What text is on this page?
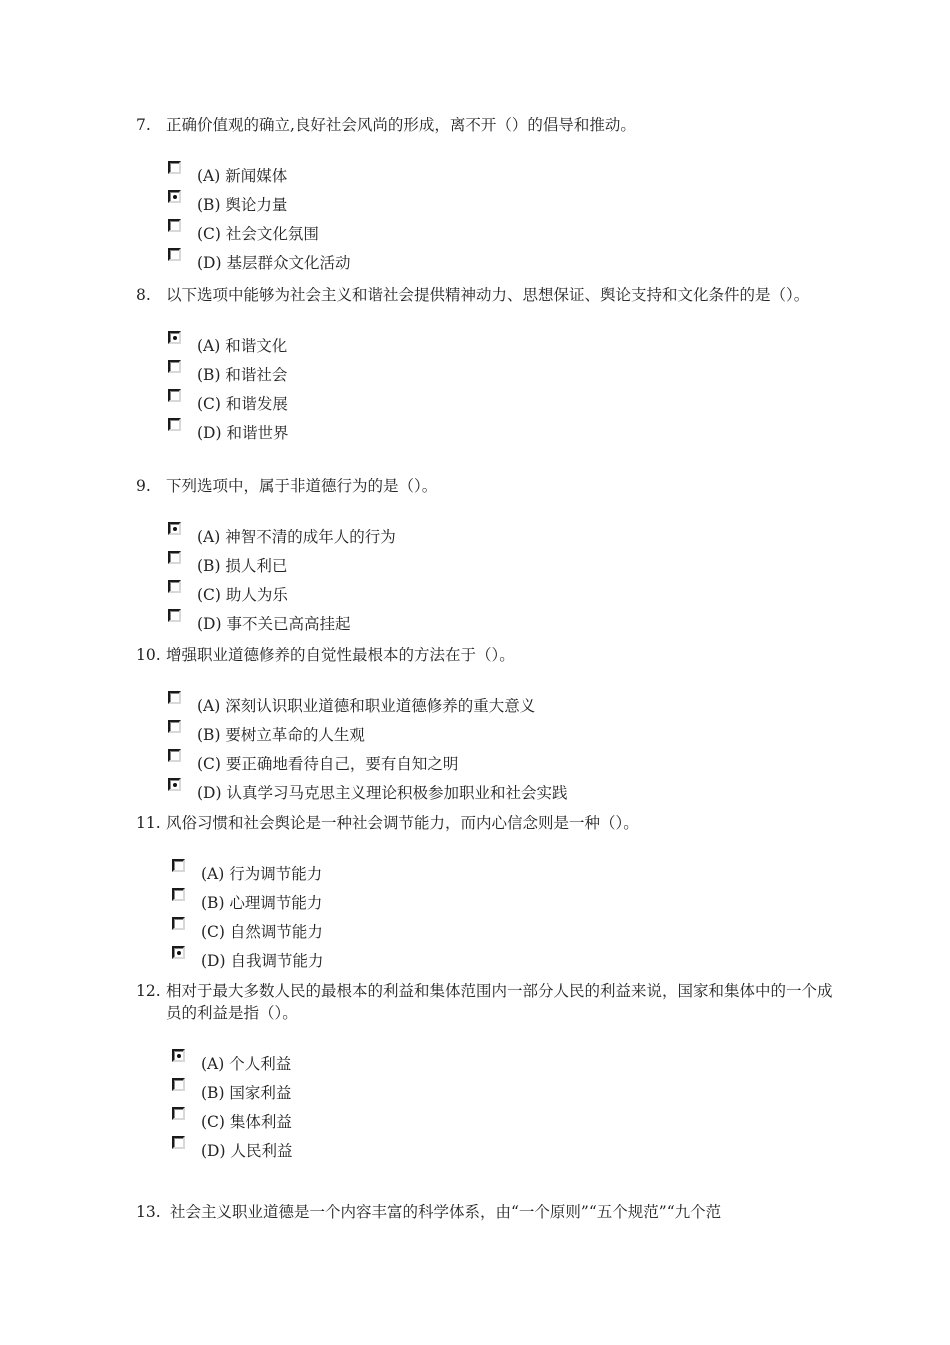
7. 正确价值观的确立,良好社会风尚的形成，离不开（）的倡导和推动。
(A) 新闻媒体
(B) 舆论力量
(C) 社会文化氛围
(D) 基层群众文化活动
8. 以下选项中能够为社会主义和谐社会提供精神动力、思想保证、舆论支持和文化条件的是（）。
(A) 和谐文化
(B) 和谐社会
(C) 和谐发展
(D) 和谐世界
9. 下列选项中，属于非道德行为的是（）。
(A) 神智不清的成年人的行为
(B) 损人利已
(C) 助人为乐
(D) 事不关已高高挂起
10. 增强职业道德修养的自觉性最根本的方法在于（）。
(A) 深刻认识职业道德和职业道德修养的重大意义
(B) 要树立革命的人生观
(C) 要正确地看待自己，要有自知之明
(D) 认真学习马克思主义理论积极参加职业和社会实践
11. 风俗习惯和社会舆论是一种社会调节能力，而内心信念则是一种（）。
(A) 行为调节能力
(B) 心理调节能力
(C) 自然调节能力
(D) 自我调节能力
12. 相对于最大多数人民的最根本的利益和集体范围内一部分人民的利益来说，国家和集体中的一个成员的利益是指（）。
(A) 个人利益
(B) 国家利益
(C) 集体利益
(D) 人民利益
13. 社会主义职业道德是一个内容丰富的科学体系，由“一个原则”“五个规范”“九个范
